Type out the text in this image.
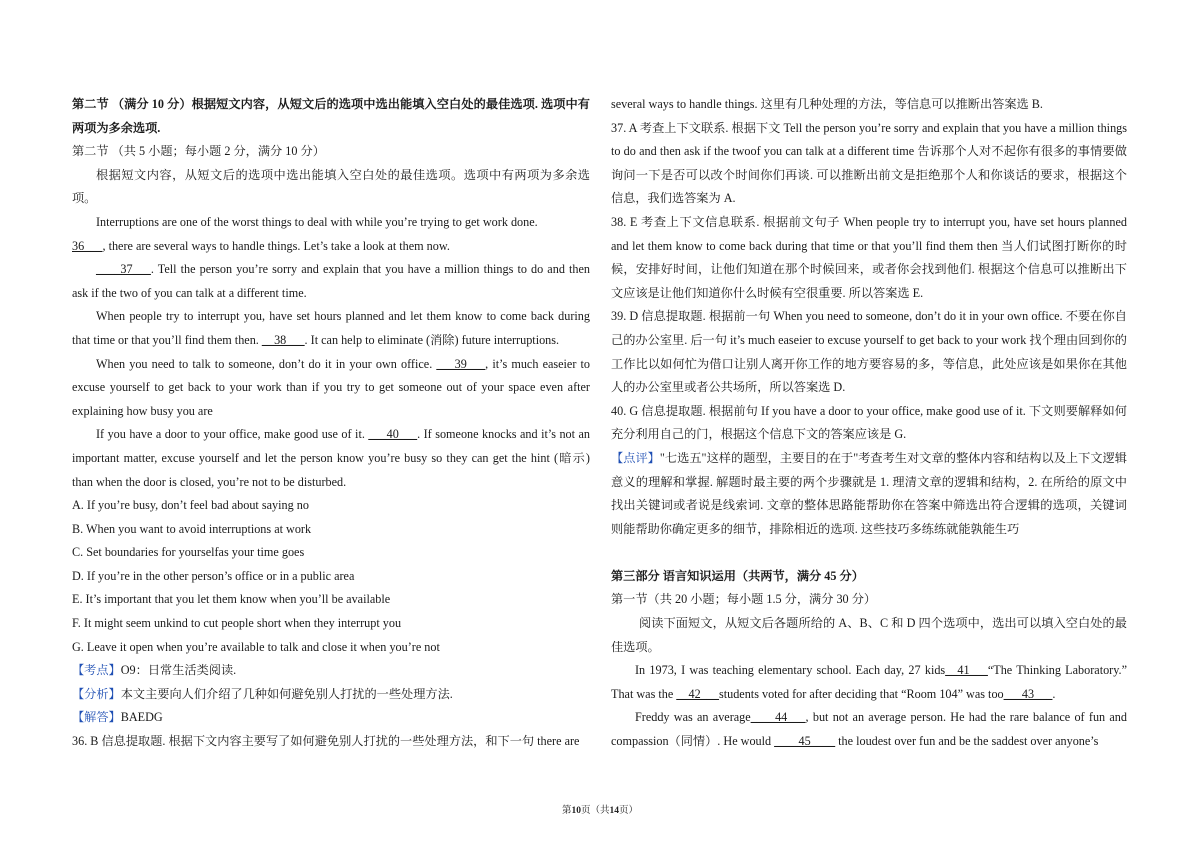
第二节 （满分 10 分）根据短文内容，从短文后的选项中选出能填入空白处的最佳选项. 选项中有两项为多余选项.

第二节 （共 5 小题；每小题 2 分，满分 10 分）

根据短文内容，从短文后的选项中选出能填入空白处的最佳选项。选项中有两项为多余选项。

Interruptions are one of the worst things to deal with while you’re trying to get work done.

36___, there are several ways to handle things. Let’s take a look at them now.

____37___. Tell the person you’re sorry and explain that you have a million things to do and then ask if the two of you can talk at a different time.

When people try to interrupt you, have set hours planned and let them know to come back during that time or that you’ll find them then. __38___. It can help to eliminate (消除) future interruptions.

When you need to talk to someone, don’t do it in your own office. ___39___, it’s much easeier to excuse yourself to get back to your work than if you try to get someone out of your space even after explaining how busy you are

If you have a door to your office, make good use of it. ___40___. If someone knocks and it’s not an important matter, excuse yourself and let the person know you’re busy so they can get the hint (暗示) than when the door is closed, you’re not to be disturbed.

A. If you’re busy, don’t feel bad about saying no

B. When you want to avoid interruptions at work

C. Set boundaries for yourselfas your time goes

D. If you’re in the other person’s office or in a public area

E. It’s important that you let them know when you’ll be available

F. It might seem unkind to cut people short when they interrupt you

G. Leave it open when you’re available to talk and close it when you’re not

【考点】O9：日常生活类阅读.

【分析】本文主要向人们介绍了几种如何避免别人打扰的一些处理方法.

【解答】BAEDG

36. B 信息提取题. 根据下文内容主要写了如何避免别人打扰的一些处理方法，和下一句 there are

several ways to handle things. 这里有几种处理的方法，等信息可以推断出答案选 B.

37. A 考查上下文联系. 根据下文 Tell the person you’re sorry and explain that you have a million things to do and then ask if the twoof you can talk at a different time 告诉那个人对不起你有很多的事情要做询问一下是否可以改个时间你们再谈. 可以推断出前文是拒绝那个人和你谈话的要求，根据这个信息，我们选答案为 A.

38. E 考查上下文信息联系. 根据前文句子 When people try to interrupt you, have set hours planned and let them know to come back during that time or that you’ll find them then 当人们试图打断你的时候，安排好时间，让他们知道在那个时候回来，或者你会找到他们. 根据这个信息可以推断出下文应该是让他们知道你什么时候有空很重要. 所以答案选 E.

39. D 信息提取题. 根据前一句 When you need to someone, don’t do it in your own office. 不要在你自己的办公室里. 后一句 it’s much easeier to excuse yourself to get back to your work 找个理由回到你的工作比以如何忙为借口让别人离开你工作的地方要容易的多，等信息，此处应该是如果你在其他人的办公室里或者公共场所，所以答案选 D.

40. G 信息提取题. 根据前句 If you have a door to your office, make good use of it. 下文则要解释如何充分利用自己的门，根据这个信息下文的答案应该是 G.

【点评】"七选五"这样的题型，主要目的在于"考查考生对文章的整体内容和结构以及上下文逻辑意义的理解和掌握. 解题时最主要的两个步骤就是 1. 理清文章的逻辑和结构，2. 在所给的原文中找出关键词或者说是线索词. 文章的整体思路能帮助你在答案中筛选出符合逻辑的选项，关键词则能帮助你确定更多的细节，排除相近的选项. 这些技巧多练练就能孰能生巧

第三部分 语言知识运用（共两节，满分 45 分）

第一节（共 20 小题；每小题 1.5 分，满分 30 分）

阅读下面短文，从短文后各题所给的 A、B、C 和 D 四个选项中，选出可以填入空白处的最佳选项。

In 1973, I was teaching elementary school. Each day, 27 kids__41___“The Thinking Laboratory.” That was the __42___students voted for after deciding that “Room 104” was too___43___.

Freddy was an average____44___, but not an average person. He had the rare balance of fun and compassion（同情）. He would ____45____ the loudest over fun and be the saddest over anyone’s

第10页（共14页）
